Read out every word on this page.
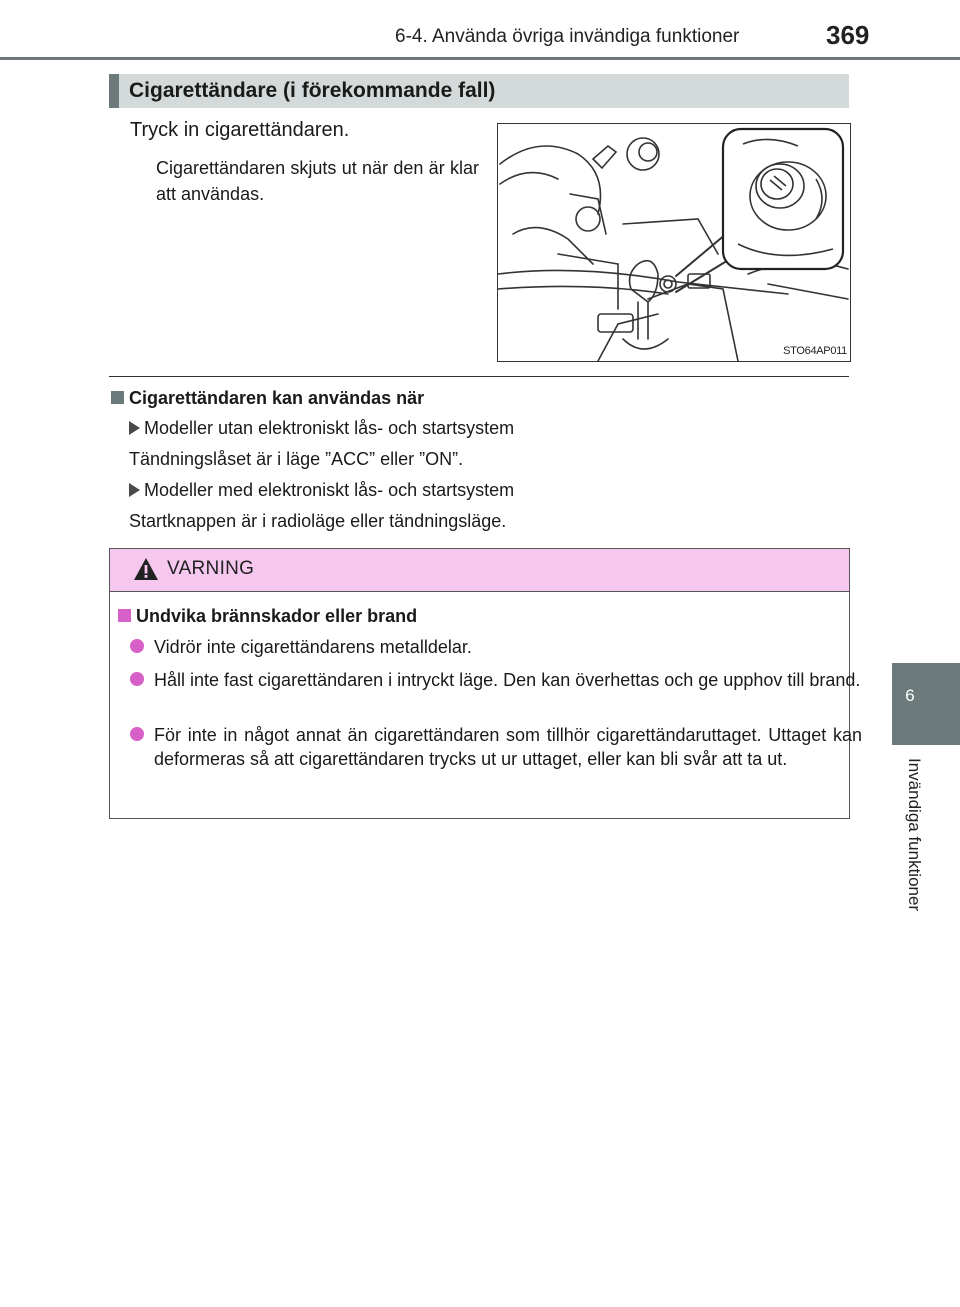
6-4. Använda övriga invändiga funktioner	369
6
Invändiga funktioner
Cigarettändare (i förekommande fall)
Tryck in cigarettändaren.
Cigarettändaren skjuts ut när den är klar att användas.
STO64AP011
Cigarettändaren kan användas när
Modeller utan elektroniskt lås- och startsystem
Tändningslåset är i läge ”ACC” eller ”ON”.
Modeller med elektroniskt lås- och startsystem
Startknappen är i radioläge eller tändningsläge.
VARNING
Undvika brännskador eller brand
Vidrör inte cigarettändarens metalldelar.
Håll inte fast cigarettändaren i intryckt läge. Den kan överhettas och ge upphov till brand.
För inte in något annat än cigarettändaren som tillhör cigarettändaruttaget. Uttaget kan deformeras så att cigarettändaren trycks ut ur uttaget, eller kan bli svår att ta ut.
